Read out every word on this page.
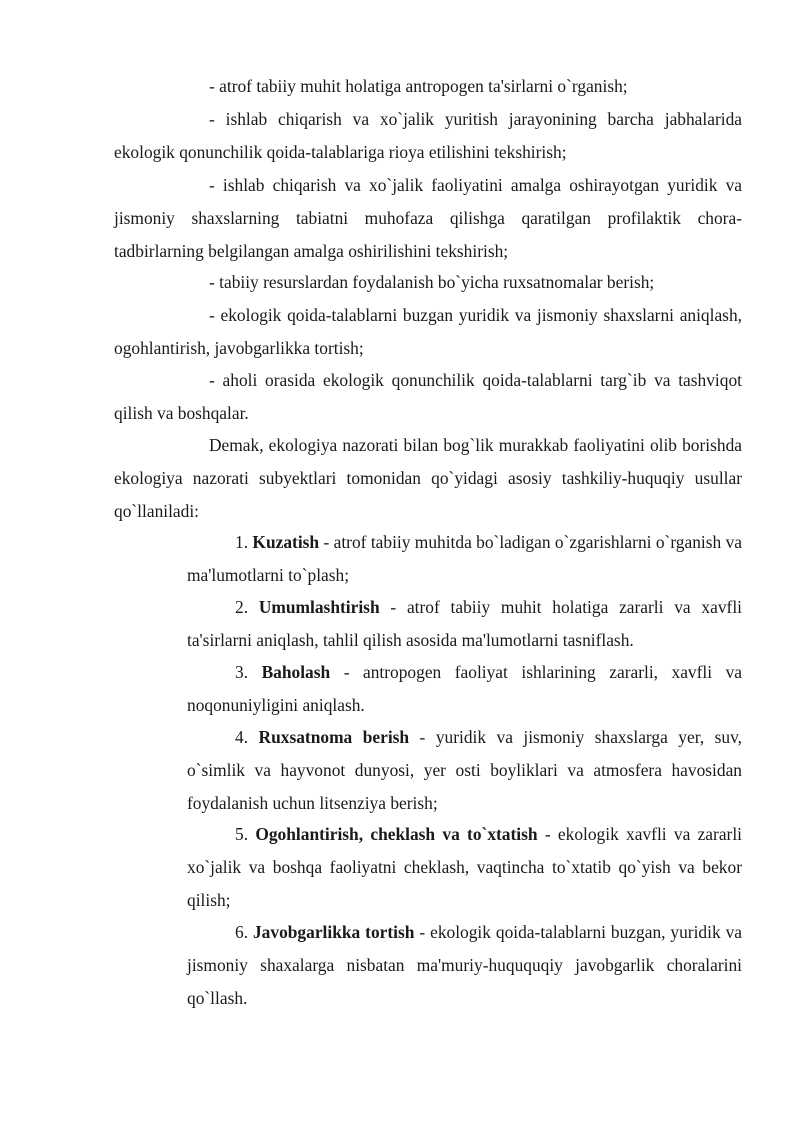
- atrof tabiiy muhit holatiga antropogen ta'sirlarni o`rganish;

- ishlab chiqarish va xo`jalik yuritish jarayonining barcha jabhalarida ekologik qonunchilik qoida-talablariga rioya etilishini tekshirish;

- ishlab chiqarish va xo`jalik faoliyatini amalga oshirayotgan yuridik va jismoniy shaxslarning tabiatni muhofaza qilishga qaratilgan profilaktik chora-tadbirlarning belgilangan amalga oshirilishini tekshirish;

- tabiiy resurslardan foydalanish bo`yicha ruxsatnomalar berish;

- ekologik qoida-talablarni buzgan yuridik va jismoniy shaxslarni aniqlash, ogohlantirish, javobgarlikka tortish;

- aholi orasida ekologik qonunchilik qoida-talablarni targ`ib va tashviqot qilish va boshqalar.

Demak, ekologiya nazorati bilan bog`lik murakkab faoliyatini olib borishda ekologiya nazorati subyektlari tomonidan qo`yidagi asosiy tashkiliy-huquqiy usullar qo`llaniladi:

1. Kuzatish - atrof tabiiy muhitda bo`ladigan o`zgarishlarni o`rganish va ma'lumotlarni to`plash;

2. Umumlashtirish - atrof tabiiy muhit holatiga zararli va xavfli ta'sirlarni aniqlash, tahlil qilish asosida ma'lumotlarni tasniflash.

3. Baholash - antropogen faoliyat ishlarining zararli, xavfli va noqonuniyligini aniqlash.

4. Ruxsatnoma berish - yuridik va jismoniy shaxslarga yer, suv, o`simlik va hayvonot dunyosi, yer osti boyliklari va atmosfera havosidan foydalanish uchun litsenziya berish;

5. Ogohlantirish, cheklash va to`xtatish - ekologik xavfli va zararli xo`jalik va boshqa faoliyatni cheklash, vaqtincha to`xtatib qo`yish va bekor qilish;

6. Javobgarlikka tortish - ekologik qoida-talablarni buzgan, yuridik va jismoniy shaxalarga nisbatan ma'muriy-huququqiy javobgarlik choralarini qo`llash.
